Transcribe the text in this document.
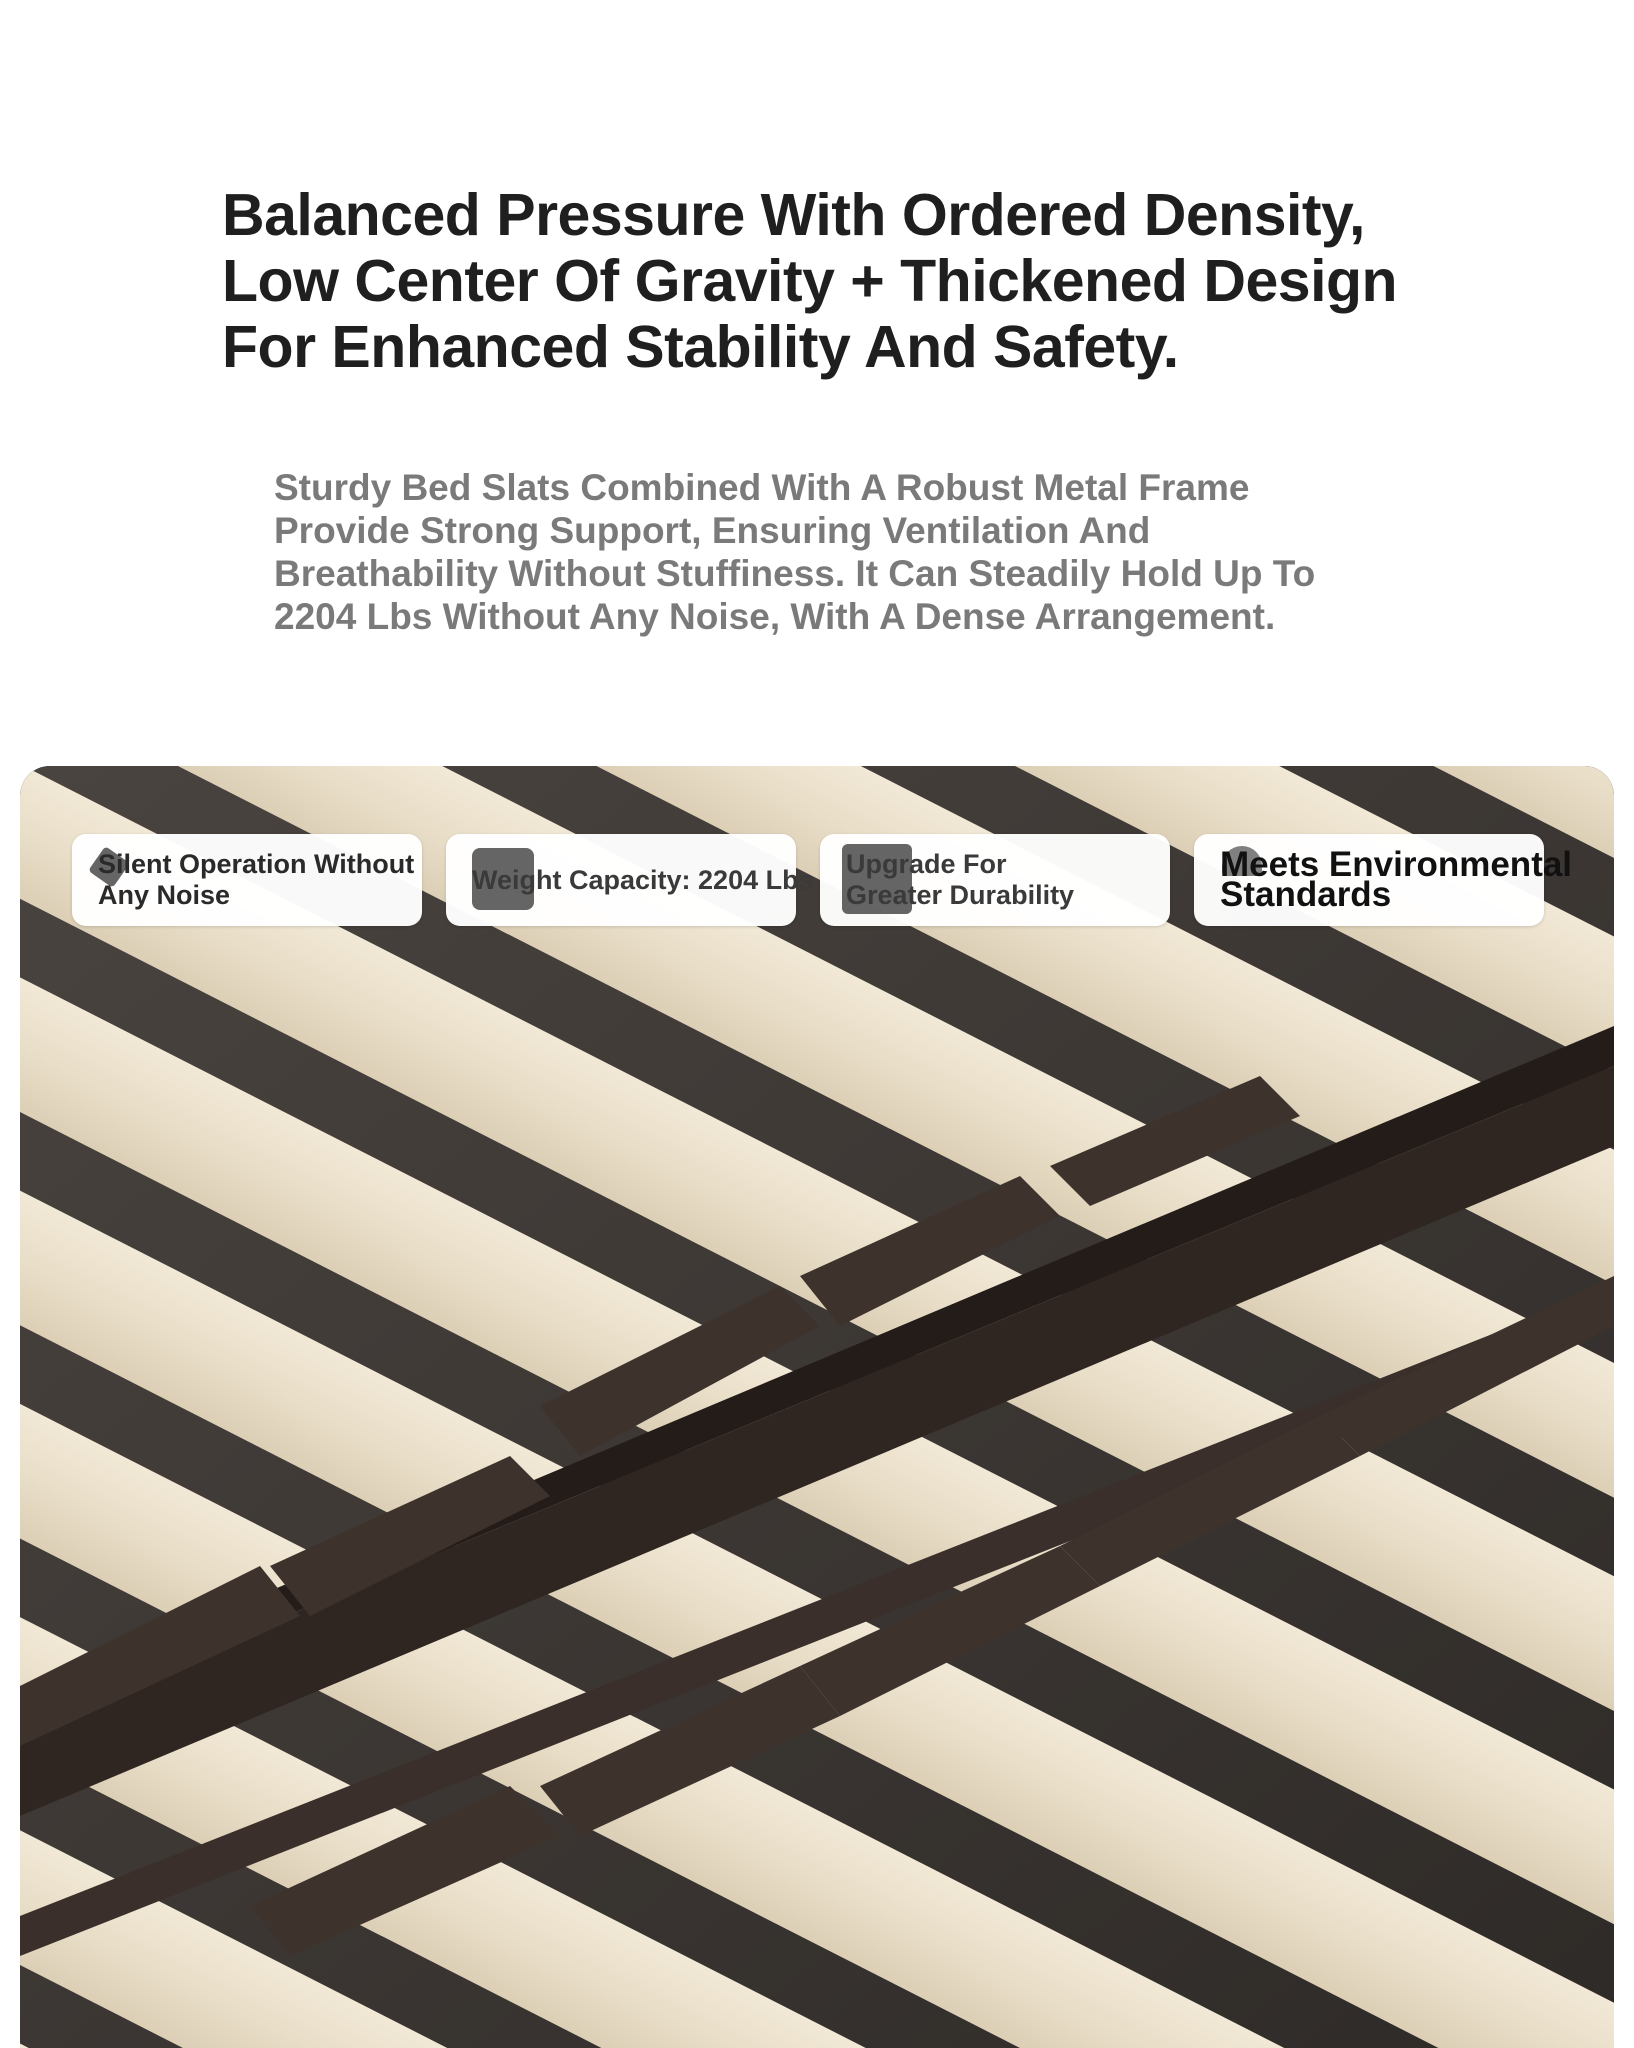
Balanced Pressure With Ordered Density,
Low Center Of Gravity + Thickened Design
For Enhanced Stability And Safety.

Sturdy Bed Slats Combined With A Robust Metal Frame
Provide Strong Support, Ensuring Ventilation And
Breathability Without Stuffiness. It Can Steadily Hold Up To
2204 Lbs Without Any Noise, With A Dense Arrangement.

Silent Operation Without
Any Noise
Weight Capacity: 2204 Lbs
Upgrade For
Greater Durability
Meets Environmental
Standards
